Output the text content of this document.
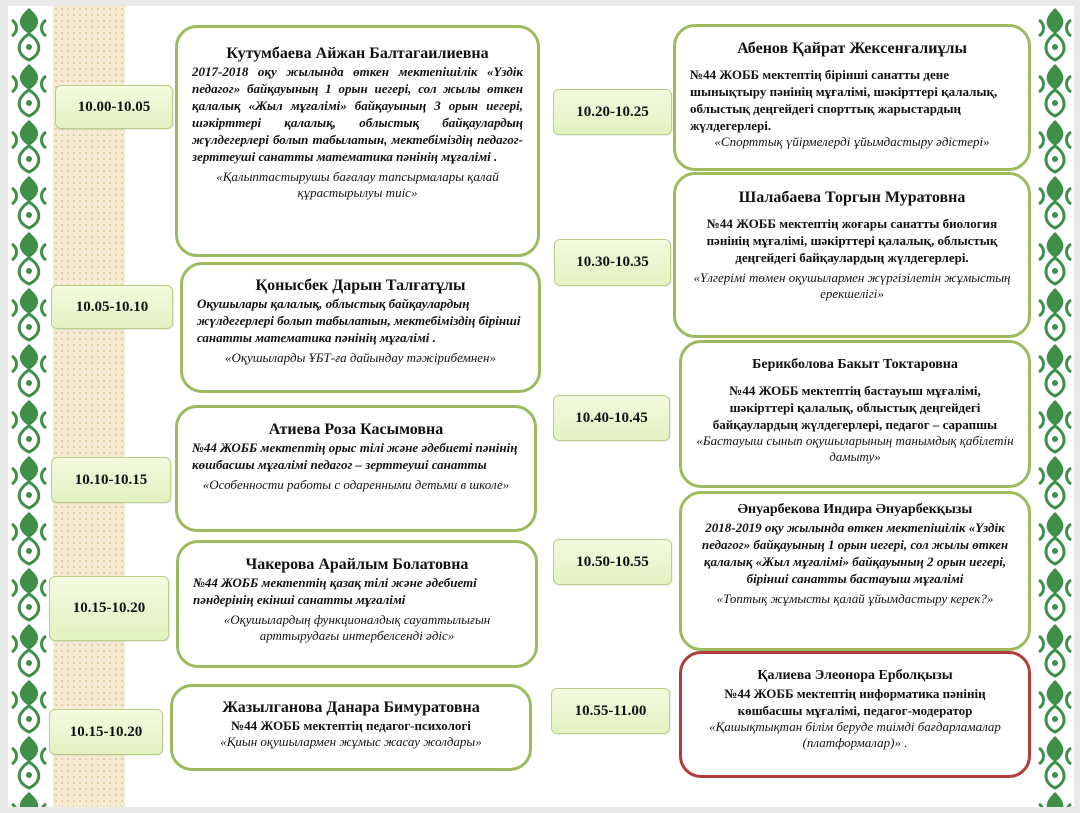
10.00-10.05
Кутумбаева Айжан Балтагаилиевна
2017-2018 оқу жылында өткен мектепішілік «Үздік педагог» байқауының 1 орын иегері, сол жылы өткен қалалық «Жыл мұғалімі» байқауының 3 орын иегері, шәкірттері қалалық, облыстық байқаулардың жүлдегерлері болып табылатын, мектебіміздің педагог-зерттеуші санатты математика пәнінің мұғалімі .
«Қалыптастырушы бағалау тапсырмалары қалай құрастырылуы тиіс»
10.05-10.10
Қонысбек Дарын Талғатұлы
Оқушылары қалалық, облыстық байқаулардың жүлдегерлері болып табылатын, мектебіміздің бірінші санатты математика пәнінің мұғалімі .
«Оқушыларды ҰБТ-ға дайындау тәжірибемнен»
10.10-10.15
Атиева Роза Касымовна
№44 ЖОББ мектептің орыс тілі және әдебиеті пәнінің көшбасшы мұғалімі педагог – зерттеуші санатты
«Особенности работы с одаренными детьми в школе»
10.15-10.20
Чакерова Арайлым Болатовна
№44 ЖОББ мектептің қазақ тілі және әдебиеті пәндерінің екінші санатты мұғалімі
«Оқушылардың функционалдық сауаттылығын арттырудағы интербелсенді әдіс»
10.15-10.20
Жазылганова Данара Бимуратовна
№44 ЖОББ мектептің педагог-психологі
«Қиын оқушылармен жұмыс жасау жолдары»
10.20-10.25
Абенов Қайрат Жексенғалиұлы
№44 ЖОББ мектептің бірінші санатты дене шынықтыру пәнінің мұғалімі, шәкірттері қалалық, облыстық деңгейдегі спорттық жарыстардың жүлдегерлері.
«Спорттық үйірмелерді ұйымдастыру әдістері»
10.30-10.35
Шалабаева Торгын Муратовна
№44 ЖОББ мектептің жоғары санатты биология пәнінің мұғалімі, шәкірттері қалалық, облыстық деңгейдегі байқаулардың жүлдегерлері.
«Үлгерімі төмен оқушылармен жүргізілетін жұмыстың ерекшелігі»
10.40-10.45
Берикболова Бакыт Токтаровна
№44 ЖОББ мектептің бастауыш мұғалімі, шәкірттері қалалық, облыстық деңгейдегі байқаулардың жүлдегерлері, педагог – сарапшы
«Бастауыш сынып оқушыларының танымдық қабілетін дамыту»
10.50-10.55
Әнуарбекова Индира Әнуарбекқызы
2018-2019 оқу жылында өткен мектепішілік «Үздік педагог» байқауының 1 орын иегері, сол жылы өткен қалалық «Жыл мұғалімі» байқауының 2 орын иегері, бірінші санатты бастауыш мұғалімі
«Топтық жұмысты қалай ұйымдастыру керек?»
10.55-11.00
Қалиева Элеонора Ерболқызы
№44 ЖОББ мектептің информатика пәнінің көшбасшы мұғалімі, педагог-модератор
«Қашықтықтан білім беруде тиімді бағдарламалар (платформалар)» .
